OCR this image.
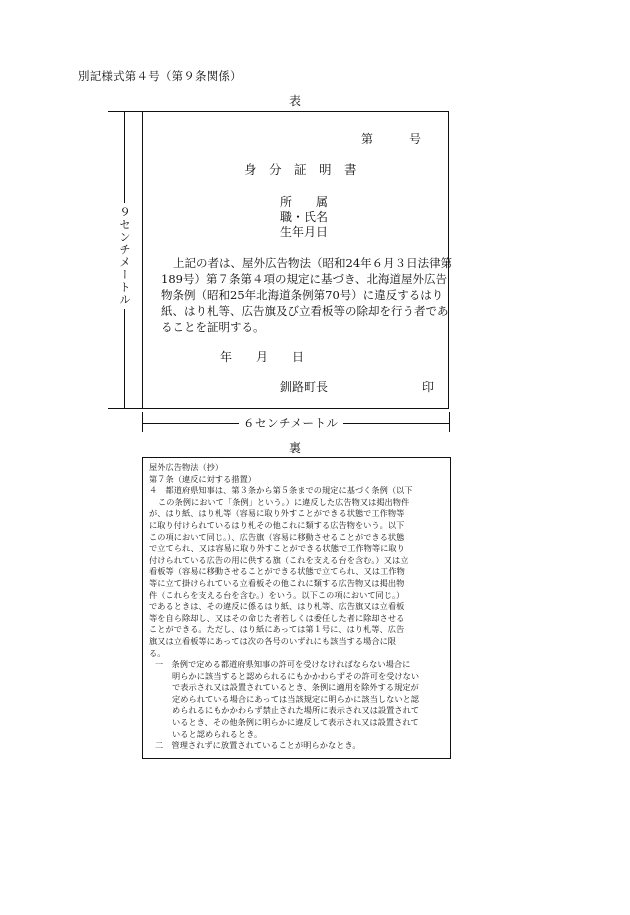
別記様式第４号（第９条関係）
表
９センチメートル
第　　　号
身　分　証　明　書
所　　属
職・氏名
生年月日
上記の者は、屋外広告物法（昭和24年６月３日法律第
189号）第７条第４項の規定に基づき、北海道屋外広告
物条例（昭和25年北海道条例第70号）に違反するはり
紙、はり札等、広告旗及び立看板等の除却を行う者であ
ることを証明する。
年　　月　　日
釧路町長	印
６センチメートル
裏

屋外広告物法（抄）

第７条（違反に対する措置）

４　都道府県知事は、第３条から第５条までの規定に基づく条例（以下

この条例において「条例」という。）に違反した広告物又は掲出物件

が、はり紙、はり札等（容易に取り外すことができる状態で工作物等

に取り付けられているはり札その他これに類する広告物をいう。以下

この項において同じ。）、広告旗（容易に移動させることができる状態

で立てられ、又は容易に取り外すことができる状態で工作物等に取り

付けられている広告の用に供する旗（これを支える台を含む。）又は立

看板等（容易に移動させることができる状態で立てられ、又は工作物

等に立て掛けられている立看板その他これに類する広告物又は掲出物

件（これらを支える台を含む。）をいう。以下この項において同じ。）

であるときは、その違反に係るはり紙、はり札等、広告旗又は立看板

等を自ら除却し、又はその命じた者若しくは委任した者に除却させる

ことができる。ただし、はり紙にあっては第１号に、はり札等、広告

旗又は立看板等にあっては次の各号のいずれにも該当する場合に限

る。

一　条例で定める都道府県知事の許可を受けなければならない場合に

明らかに該当すると認められるにもかかわらずその許可を受けない

で表示され又は設置されているとき、条例に適用を除外する規定が

定められている場合にあっては当該規定に明らかに該当しないと認

められるにもかかわらず禁止された場所に表示され又は設置されて

いるとき、その他条例に明らかに違反して表示され又は設置されて

いると認められるとき。

二　管理されずに放置されていることが明らかなとき。
